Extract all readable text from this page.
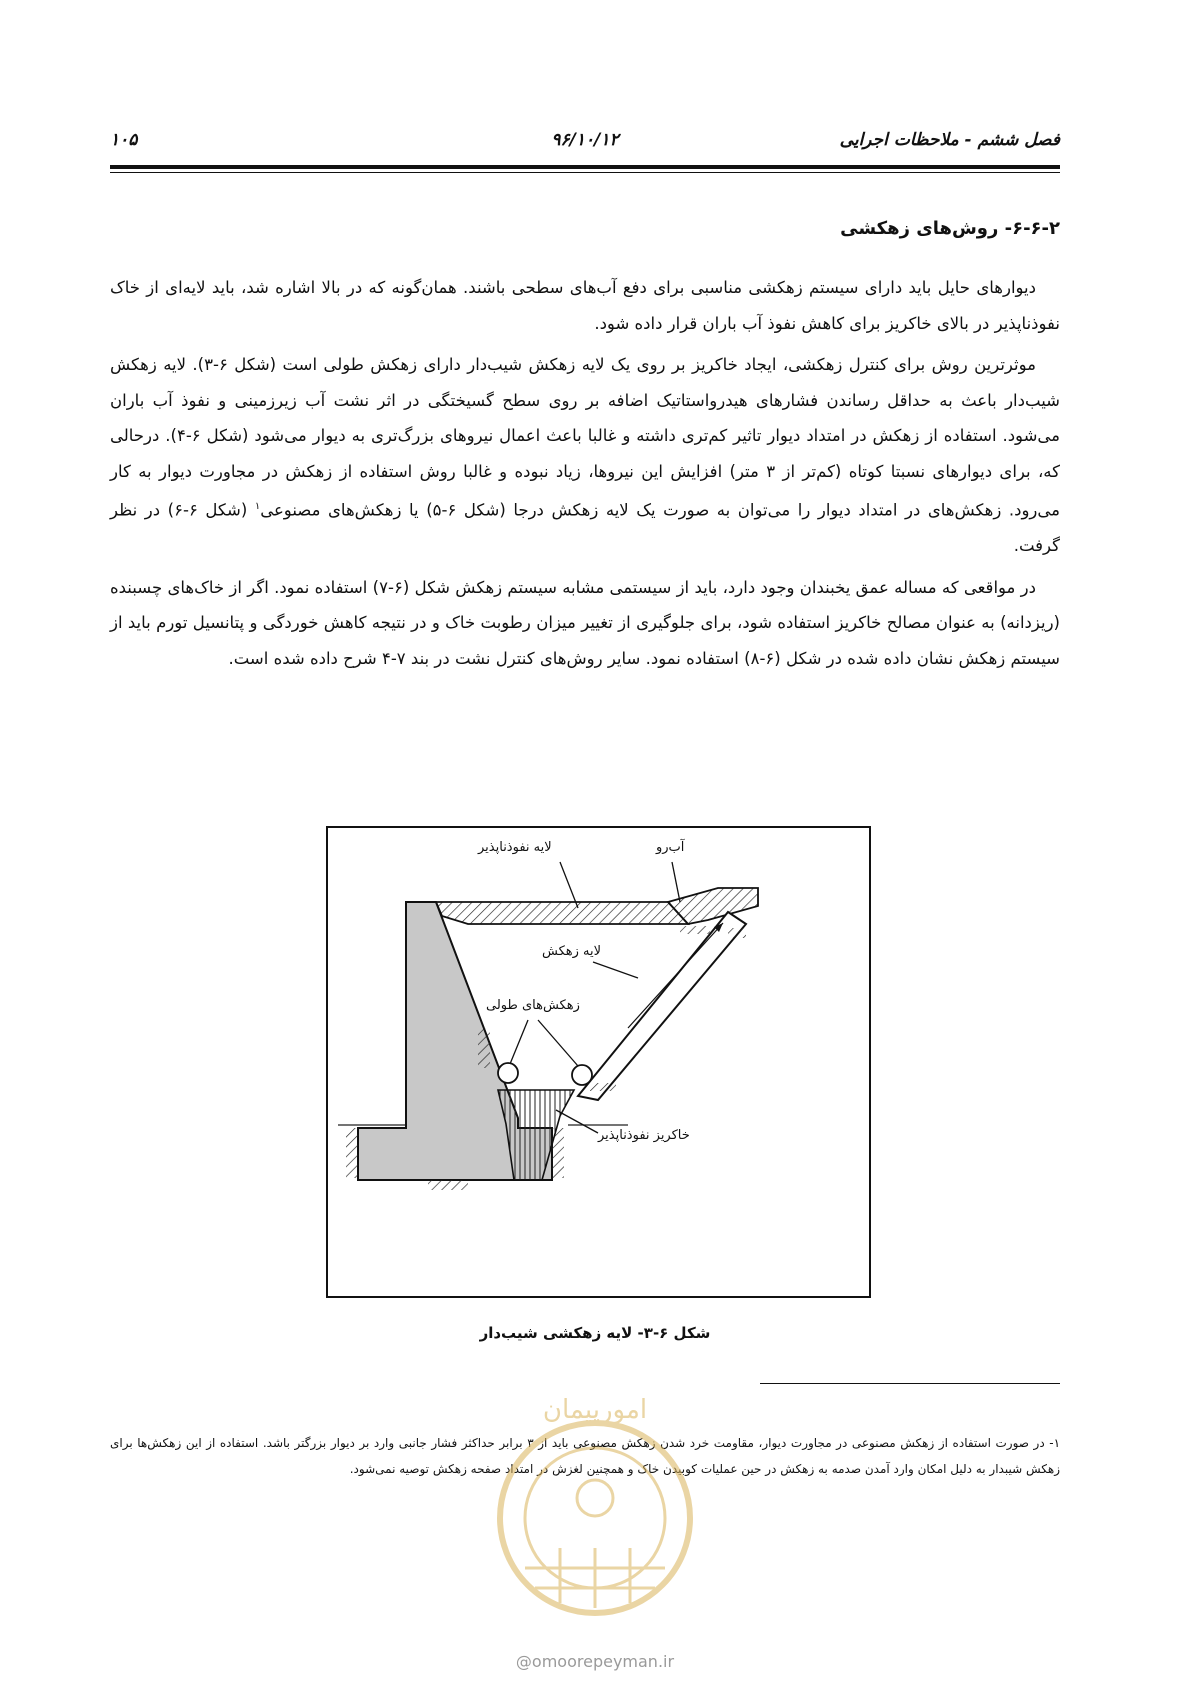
فصل ششم - ملاحظات اجرایی
۹۶/۱۰/۱۲
۱۰۵
۶-۶-۲- روش‌های زهکشی

دیوارهای حایل باید دارای سیستم زهکشی مناسبی برای دفع آب‌های سطحی باشند. همان‌گونه که در بالا اشاره شد، باید لایه‌ای از خاک نفوذناپذیر در بالای خاکریز برای کاهش نفوذ آب باران قرار داده شود.

موثرترین روش برای کنترل زهکشی، ایجاد خاکریز بر روی یک لایه زهکش شیب‌دار دارای زهکش طولی است (شکل ۶-۳). لایه زهکش شیب‌دار باعث به حداقل رساندن فشارهای هیدرواستاتیک اضافه بر روی سطح گسیختگی در اثر نشت آب زیرزمینی و نفوذ آب باران می‌شود. استفاده از زهکش در امتداد دیوار تاثیر کم‌تری داشته و غالبا باعث اعمال نیروهای بزرگ‌تری به دیوار می‌شود (شکل ۶-۴). درحالی که، برای دیوارهای نسبتا کوتاه (کم‌تر از ۳ متر) افزایش این نیروها، زیاد نبوده و غالبا روش استفاده از زهکش در مجاورت دیوار به کار می‌رود. زهکش‌های در امتداد دیوار را می‌توان به صورت یک لایه زهکش درجا (شکل ۶-۵) یا زهکش‌های مصنوعی$^۱$ (شکل ۶-۶) در نظر گرفت.

در مواقعی که مساله عمق یخبندان وجود دارد، باید از سیستمی مشابه سیستم زهکش شکل (۶-۷) استفاده نمود. اگر از خاک‌های چسبنده (ریزدانه) به عنوان مصالح خاکریز استفاده شود، برای جلوگیری از تغییر میزان رطوبت خاک و در نتیجه کاهش خوردگی و پتانسیل تورم باید از سیستم زهکش نشان داده شده در شکل (۶-۸) استفاده نمود. سایر روش‌های کنترل نشت در بند ۷-۴ شرح داده شده است.

لایه نفوذناپذیر	آب‌رو
لایه زهکش
زهکش‌های طولی
خاکریز نفوذناپذیر
شکل ۶-۳- لایه زهکشی شیب‌دار
۱- در صورت استفاده از زهکش مصنوعی در مجاورت دیوار، مقاومت خرد شدن زهکش مصنوعی باید از ۳ برابر حداکثر فشار جانبی وارد بر دیوار بزرگتر باشد. استفاده از این زهکش‌ها برای زهکش شیبدار به دلیل امکان وارد آمدن صدمه به زهکش در حین عملیات کوبیدن خاک و همچنین لغزش در امتداد صفحه زهکش توصیه نمی‌شود.
امورپیمان
@omoorepeyman.ir
